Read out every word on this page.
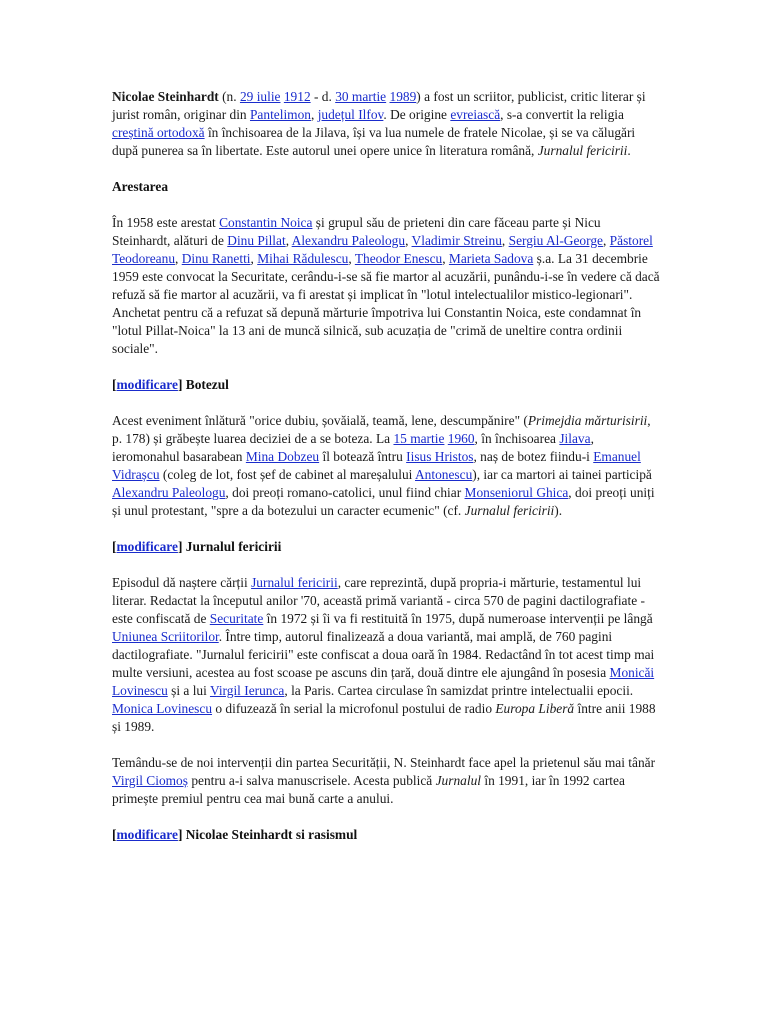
Nicolae Steinhardt (n. 29 iulie 1912 - d. 30 martie 1989) a fost un scriitor, publicist, critic literar și jurist român, originar din Pantelimon, județul Ilfov. De origine evreiască, s-a convertit la religia creștină ortodoxă în închisoarea de la Jilava, își va lua numele de fratele Nicolae, și se va călugări după punerea sa în libertate. Este autorul unei opere unice în literatura română, Jurnalul fericirii.

Arestarea

În 1958 este arestat Constantin Noica și grupul său de prieteni din care făceau parte și Nicu Steinhardt, alături de Dinu Pillat, Alexandru Paleologu, Vladimir Streinu, Sergiu Al-George, Păstorel Teodoreanu, Dinu Ranetti, Mihai Rădulescu, Theodor Enescu, Marieta Sadova ș.a. La 31 decembrie 1959 este convocat la Securitate, cerându-i-se să fie martor al acuzării, punându-i-se în vedere că dacă refuză să fie martor al acuzării, va fi arestat și implicat în "lotul intelectualilor mistico-legionari". Anchetat pentru că a refuzat să depună mărturie împotriva lui Constantin Noica, este condamnat în "lotul Pillat-Noica" la 13 ani de muncă silnică, sub acuzația de "crimă de uneltire contra ordinii sociale".

[modificare] Botezul

Acest eveniment înlătură "orice dubiu, șovăială, teamă, lene, descumpănire" (Primejdia mărturisirii, p. 178) și grăbește luarea deciziei de a se boteza. La 15 martie 1960, în închisoarea Jilava, ieromonahul basarabean Mina Dobzeu îl botează întru Iisus Hristos, naș de botez fiindu-i Emanuel Vidrașcu (coleg de lot, fost șef de cabinet al mareșalului Antonescu), iar ca martori ai tainei participă Alexandru Paleologu, doi preoți romano-catolici, unul fiind chiar Monseniorul Ghica, doi preoți uniți și unul protestant, "spre a da botezului un caracter ecumenic" (cf. Jurnalul fericirii).

[modificare] Jurnalul fericirii

Episodul dă naștere cărții Jurnalul fericirii, care reprezintă, după propria-i mărturie, testamentul lui literar. Redactat la începutul anilor '70, această primă variantă - circa 570 de pagini dactilografiate - este confiscată de Securitate în 1972 și îi va fi restituită în 1975, după numeroase intervenții pe lângă Uniunea Scriitorilor. Între timp, autorul finalizează a doua variantă, mai amplă, de 760 pagini dactilografiate. "Jurnalul fericirii" este confiscat a doua oară în 1984. Redactând în tot acest timp mai multe versiuni, acestea au fost scoase pe ascuns din țară, două dintre ele ajungând în posesia Monicăi Lovinescu și a lui Virgil Ierunca, la Paris. Cartea circulase în samizdat printre intelectualii epocii. Monica Lovinescu o difuzează în serial la microfonul postului de radio Europa Liberă între anii 1988 și 1989.

Temându-se de noi intervenții din partea Securității, N. Steinhardt face apel la prietenul său mai tânăr Virgil Ciomoș pentru a-i salva manuscrisele. Acesta publică Jurnalul în 1991, iar în 1992 cartea primește premiul pentru cea mai bună carte a anului.

[modificare] Nicolae Steinhardt si rasismul
